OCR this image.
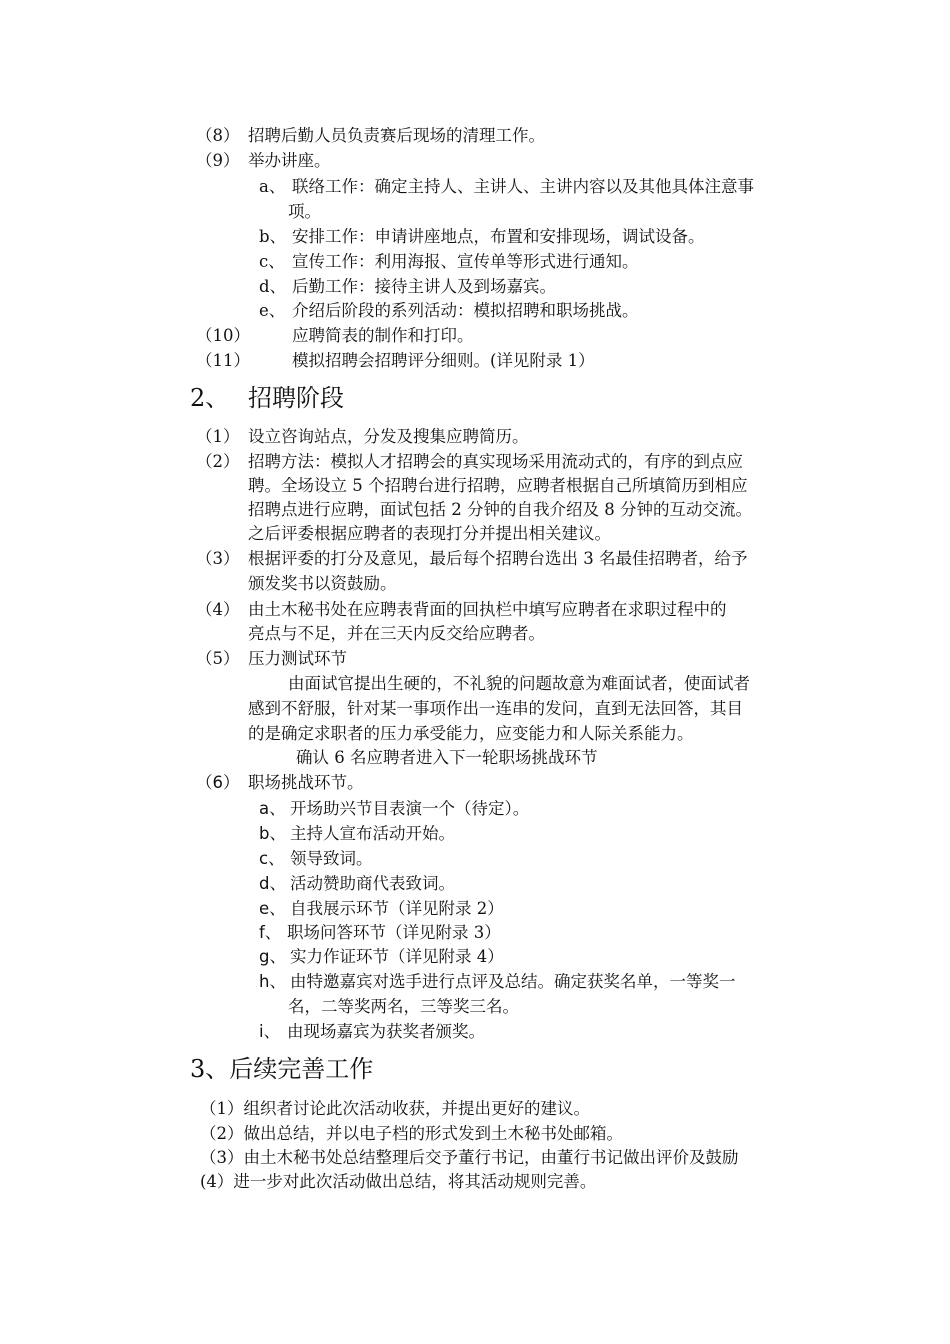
（8） 招聘后勤人员负责赛后现场的清理工作。
（9） 举办讲座。
a、 联络工作：确定主持人、主讲人、主讲内容以及其他具体注意事
项。
b、 安排工作：申请讲座地点，布置和安排现场，调试设备。
c、 宣传工作：利用海报、宣传单等形式进行通知。
d、 后勤工作：接待主讲人及到场嘉宾。
e、 介绍后阶段的系列活动：模拟招聘和职场挑战。
（10）	应聘简表的制作和打印。
（11）	模拟招聘会招聘评分细则。(详见附录 1）
2、 招聘阶段
（1） 设立咨询站点，分发及搜集应聘简历。
（2） 招聘方法：模拟人才招聘会的真实现场采用流动式的，有序的到点应
聘。全场设立 5 个招聘台进行招聘，应聘者根据自己所填简历到相应
招聘点进行应聘，面试包括 2 分钟的自我介绍及 8 分钟的互动交流。
之后评委根据应聘者的表现打分并提出相关建议。
（3） 根据评委的打分及意见，最后每个招聘台选出 3 名最佳招聘者，给予
颁发奖书以资鼓励。
（4） 由土木秘书处在应聘表背面的回执栏中填写应聘者在求职过程中的
亮点与不足，并在三天内反交给应聘者。
（5） 压力测试环节
由面试官提出生硬的，不礼貌的问题故意为难面试者，使面试者
感到不舒服，针对某一事项作出一连串的发问，直到无法回答，其目
的是确定求职者的压力承受能力，应变能力和人际关系能力。
确认 6 名应聘者进入下一轮职场挑战环节
（6） 职场挑战环节。
a、 开场助兴节目表演一个（待定）。
b、 主持人宣布活动开始。
c、 领导致词。
d、 活动赞助商代表致词。
e、 自我展示环节（详见附录 2）
f、 职场问答环节（详见附录 3）
g、 实力作证环节（详见附录 4）
h、 由特邀嘉宾对选手进行点评及总结。确定获奖名单，一等奖一
名，二等奖两名，三等奖三名。
i、 由现场嘉宾为获奖者颁奖。
3、后续完善工作
（1）组织者讨论此次活动收获，并提出更好的建议。
（2）做出总结，并以电子档的形式发到土木秘书处邮箱。
（3）由土木秘书处总结整理后交予董行书记，由董行书记做出评价及鼓励
(4）进一步对此次活动做出总结，将其活动规则完善。
